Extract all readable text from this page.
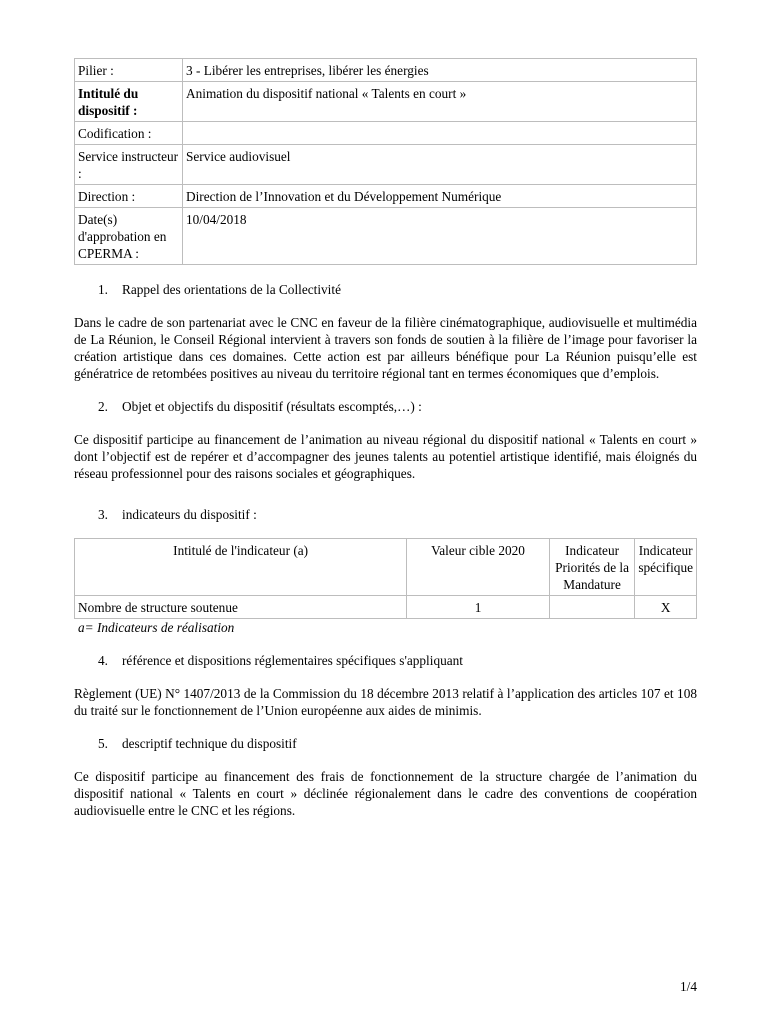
Pilier :	3 - Libérer les entreprises, libérer les énergies
Intitulé du dispositif :	Animation du dispositif national « Talents en court »
Codification :	
Service instructeur :	Service audiovisuel
Direction :	Direction de l’Innovation et du Développement Numérique
Date(s) d'approbation en CPERMA :	10/04/2018

1. Rappel des orientations de la Collectivité

Dans le cadre de son partenariat avec le CNC en faveur de la filière cinématographique, audiovisuelle et multimédia de La Réunion, le Conseil Régional intervient à travers son fonds de soutien à la filière de l’image pour favoriser la création artistique dans ces domaines. Cette action est par ailleurs bénéfique pour La Réunion puisqu’elle est génératrice de retombées positives au niveau du territoire régional tant en termes économiques que d’emplois.

2. Objet et objectifs du dispositif (résultats escomptés,…) :

Ce dispositif participe au financement de l’animation au niveau régional du dispositif national « Talents en court » dont l’objectif est de repérer et d’accompagner des jeunes talents au potentiel artistique identifié, mais éloignés du réseau professionnel pour des raisons sociales et géographiques.

3. indicateurs du dispositif :

Intitulé de l'indicateur (a)	Valeur cible 2020	Indicateur Priorités de la Mandature	Indicateur spécifique
Nombre de structure soutenue	1		X

a= Indicateurs de réalisation

4. référence et dispositions réglementaires spécifiques s'appliquant

Règlement (UE) N° 1407/2013 de la Commission du 18 décembre 2013 relatif à l’application des articles 107 et 108 du traité sur le fonctionnement de l’Union européenne aux aides de minimis.

5. descriptif technique du dispositif

Ce dispositif participe au financement des frais de fonctionnement de la structure chargée de l’animation du dispositif national « Talents en court » déclinée régionalement dans le cadre des conventions de coopération audiovisuelle entre le CNC et les régions.

1/4
